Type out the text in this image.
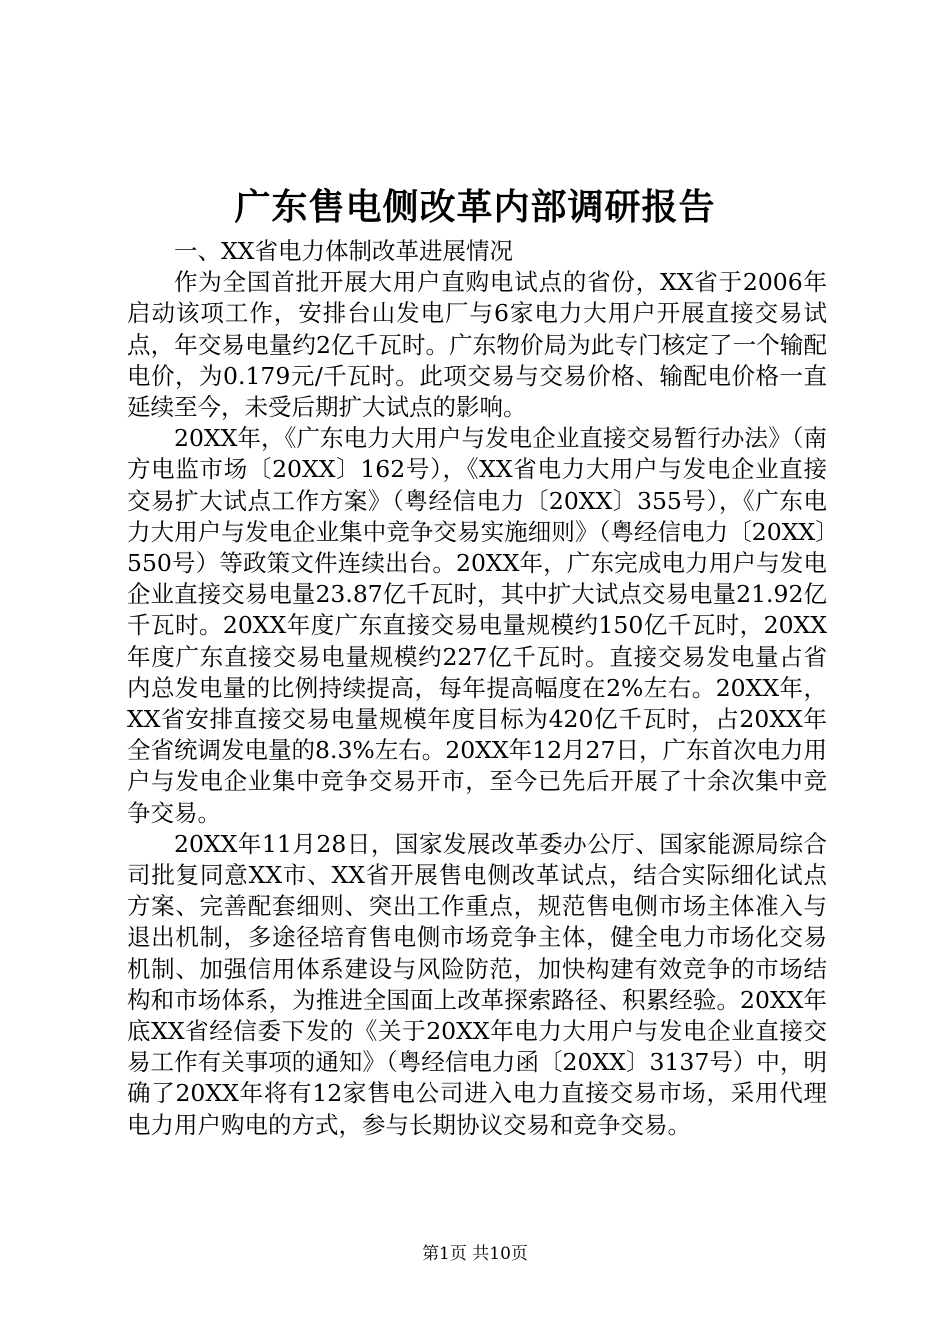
广东售电侧改革内部调研报告

一、XX省电力体制改革进展情况

作为全国首批开展大用户直购电试点的省份，XX省于2006年启动该项工作，安排台山发电厂与6家电力大用户开展直接交易试点，年交易电量约2亿千瓦时。广东物价局为此专门核定了一个输配电价，为0.179元/千瓦时。此项交易与交易价格、输配电价格一直延续至今，未受后期扩大试点的影响。

20XX年，《广东电力大用户与发电企业直接交易暂行办法》（南方电监市场〔20XX〕162号），《XX省电力大用户与发电企业直接交易扩大试点工作方案》（粤经信电力〔20XX〕355号），《广东电力大用户与发电企业集中竞争交易实施细则》（粤经信电力〔20XX〕550号）等政策文件连续出台。20XX年，广东完成电力用户与发电企业直接交易电量23.87亿千瓦时，其中扩大试点交易电量21.92亿千瓦时。20XX年度广东直接交易电量规模约150亿千瓦时，20XX年度广东直接交易电量规模约227亿千瓦时。直接交易发电量占省内总发电量的比例持续提高，每年提高幅度在2%左右。20XX年，XX省安排直接交易电量规模年度目标为420亿千瓦时，占20XX年全省统调发电量的8.3%左右。20XX年12月27日，广东首次电力用户与发电企业集中竞争交易开市，至今已先后开展了十余次集中竞争交易。

20XX年11月28日，国家发展改革委办公厅、国家能源局综合司批复同意XX市、XX省开展售电侧改革试点，结合实际细化试点方案、完善配套细则、突出工作重点，规范售电侧市场主体准入与退出机制，多途径培育售电侧市场竞争主体，健全电力市场化交易机制、加强信用体系建设与风险防范，加快构建有效竞争的市场结构和市场体系，为推进全国面上改革探索路径、积累经验。20XX年底XX省经信委下发的《关于20XX年电力大用户与发电企业直接交易工作有关事项的通知》（粤经信电力函〔20XX〕3137号）中，明确了20XX年将有12家售电公司进入电力直接交易市场，采用代理电力用户购电的方式，参与长期协议交易和竞争交易。

第1页 共10页
